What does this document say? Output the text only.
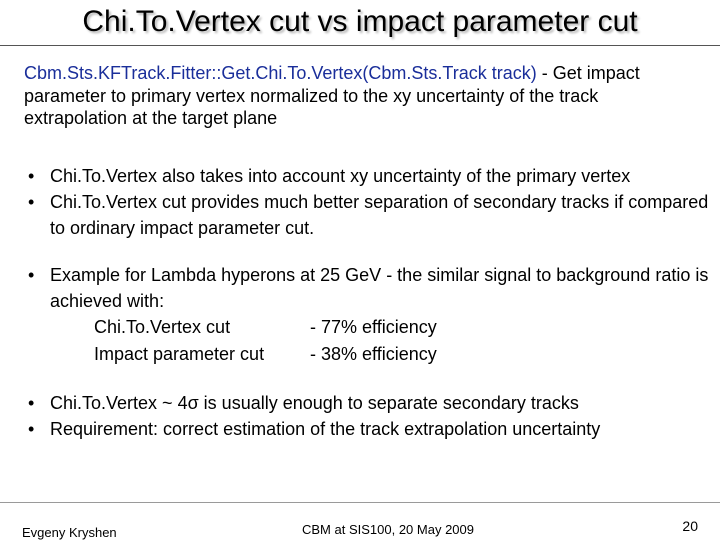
Chi.To.Vertex cut vs impact parameter cut
Cbm.Sts.KFTrack.Fitter::Get.Chi.To.Vertex(Cbm.Sts.Track track) - Get impact parameter to primary vertex normalized to the xy uncertainty of the track extrapolation at the target plane
• Chi.To.Vertex also takes into account xy uncertainty of the primary vertex
• Chi.To.Vertex cut provides much better separation of secondary tracks if compared to ordinary impact parameter cut.
• Example for Lambda hyperons at 25 GeV - the similar signal to background ratio is achieved with:
Chi.To.Vertex cut	- 77% efficiency
Impact parameter cut	- 38% efficiency
• Chi.To.Vertex ~ 4σ is usually enough to separate secondary tracks
• Requirement: correct estimation of the track extrapolation uncertainty
Evgeny Kryshen	CBM at SIS100, 20 May 2009	20
